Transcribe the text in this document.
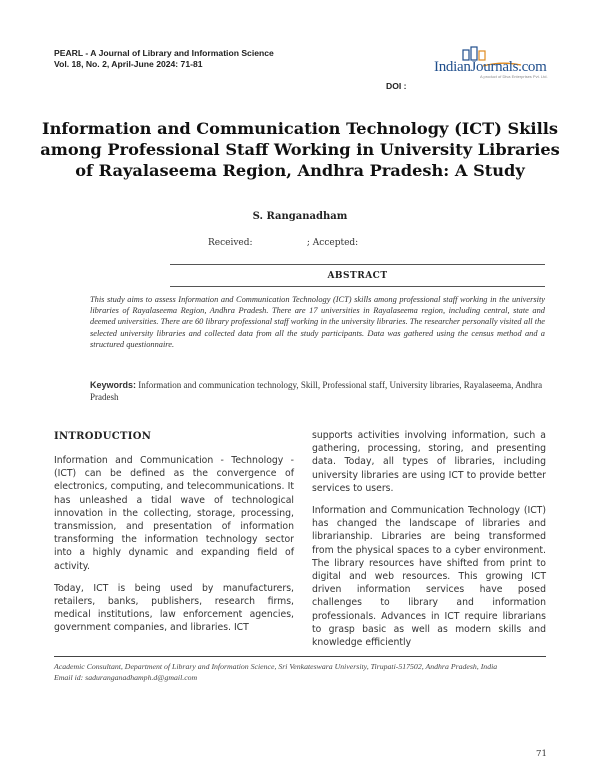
PEARL - A Journal of Library and Information Science
Vol. 18, No. 2, April-June 2024: 71-81	IndianJournals.com
A product of Diva Enterprises Pvt. Ltd.
DOI :
Information and Communication Technology (ICT) Skills among Professional Staff Working in University Libraries of Rayalaseema Region, Andhra Pradesh: A Study
S. Ranganadham
Received:                   ; Accepted:
ABSTRACT
This study aims to assess Information and Communication Technology (ICT) skills among professional staff working in the university libraries of Rayalaseema Region, Andhra Pradesh. There are 17 universities in Rayalaseema region, including central, state and deemed universities. There are 60 library professional staff working in the university libraries. The researcher personally visited all the selected university libraries and collected data from all the study participants. Data was gathered using the census method and a structured questionnaire.
Keywords: Information and communication technology, Skill, Professional staff, University libraries, Rayalaseema, Andhra Pradesh
INTRODUCTION

Information and Communication - Technology - (ICT) can be defined as the convergence of electronics, computing, and telecommunications. It has unleashed a tidal wave of technological innovation in the collecting, storage, processing, transmission, and presentation of information transforming the information technology sector into a highly dynamic and expanding field of activity.

Today, ICT is being used by manufacturers, retailers, banks, publishers, research firms, medical institutions, law enforcement agencies, government companies, and libraries. ICT

supports activities involving information, such a gathering, processing, storing, and presenting data. Today, all types of libraries, including university libraries are using ICT to provide better services to users.

Information and Communication Technology (ICT) has changed the landscape of libraries and librarianship. Libraries are being transformed from the physical spaces to a cyber environment. The library resources have shifted from print to digital and web resources. This growing ICT driven information services have posed challenges to library and information professionals. Advances in ICT require librarians to grasp basic as well as modern skills and knowledge efficiently

Academic Consultant, Department of Library and Information Science, Sri Venkateswara University, Tirupati-517502, Andhra Pradesh, India
Email id: saduranganadhamph.d@gmail.com
71
